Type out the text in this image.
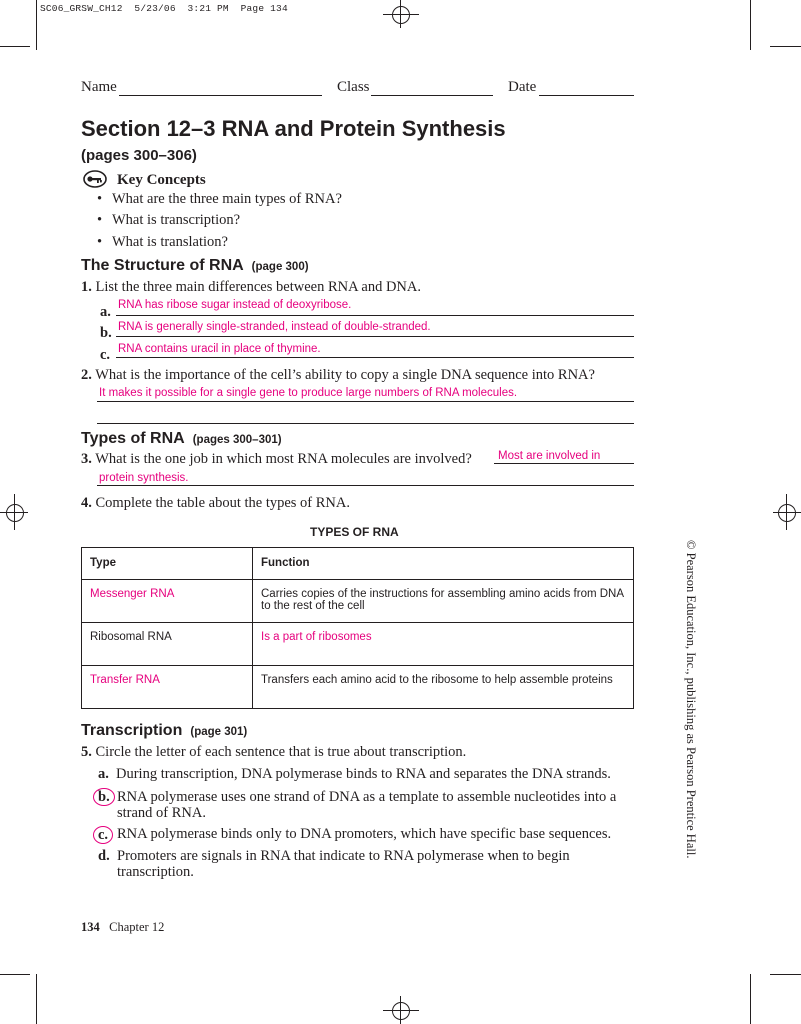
SC06_GRSW_CH12  5/23/06  3:21 PM  Page 134
Name	Class	Date
Section 12–3 RNA and Protein Synthesis
(pages 300–306)
Key Concepts
• What are the three main types of RNA?
• What is transcription?
• What is translation?
The Structure of RNA (page 300)
1. List the three main differences between RNA and DNA.
a. RNA has ribose sugar instead of deoxyribose.
b. RNA is generally single-stranded, instead of double-stranded.
c. RNA contains uracil in place of thymine.
2. What is the importance of the cell’s ability to copy a single DNA sequence into RNA?
It makes it possible for a single gene to produce large numbers of RNA molecules.
Types of RNA (pages 300–301)
3. What is the one job in which most RNA molecules are involved? Most are involved in
protein synthesis.
4. Complete the table about the types of RNA.
TYPES OF RNA
Type	Function
Messenger RNA	Carries copies of the instructions for assembling amino acids from DNA to the rest of the cell
Ribosomal RNA	Is a part of ribosomes
Transfer RNA	Transfers each amino acid to the ribosome to help assemble proteins
Transcription (page 301)
5. Circle the letter of each sentence that is true about transcription.
a. During transcription, DNA polymerase binds to RNA and separates the DNA strands.
b. RNA polymerase uses one strand of DNA as a template to assemble nucleotides into a strand of RNA.
c. RNA polymerase binds only to DNA promoters, which have specific base sequences.
d. Promoters are signals in RNA that indicate to RNA polymerase when to begin transcription.
© Pearson Education, Inc., publishing as Pearson Prentice Hall.
134 Chapter 12
